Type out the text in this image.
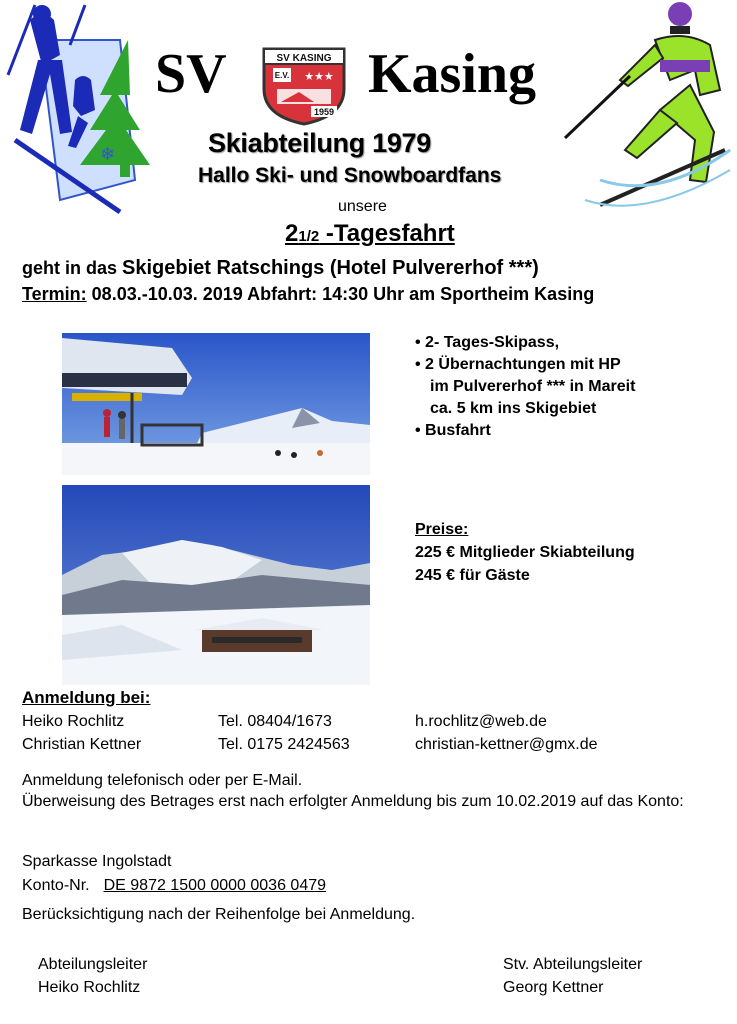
❄
SV	Kasing
SV KASING
E.V. ★★★
1959
Skiabteilung 1979
Hallo Ski- und Snowboardfans
unsere
21/2 -Tagesfahrt
geht in das Skigebiet Ratschings (Hotel Pulvererhof ***)
Termin: 08.03.-10.03. 2019 Abfahrt: 14:30 Uhr am Sportheim Kasing
• 2- Tages-Skipass,
• 2 Übernachtungen mit HP
im Pulvererhof *** in Mareit
ca. 5 km ins Skigebiet
• Busfahrt
Preise:
225 € Mitglieder Skiabteilung
245 € für Gäste
Anmeldung bei:
Heiko Rochlitz	Tel. 08404/1673	h.rochlitz@web.de
Christian Kettner	Tel. 0175 2424563	christian-kettner@gmx.de
Anmeldung telefonisch oder per E-Mail.
Überweisung des Betrages erst nach erfolgter Anmeldung bis zum 10.02.2019 auf das Konto:
Sparkasse Ingolstadt
Konto-Nr. DE 9872 1500 0000 0036 0479
Berücksichtigung nach der Reihenfolge bei Anmeldung.
Abteilungsleiter
Heiko Rochlitz
Stv. Abteilungsleiter
Georg Kettner
